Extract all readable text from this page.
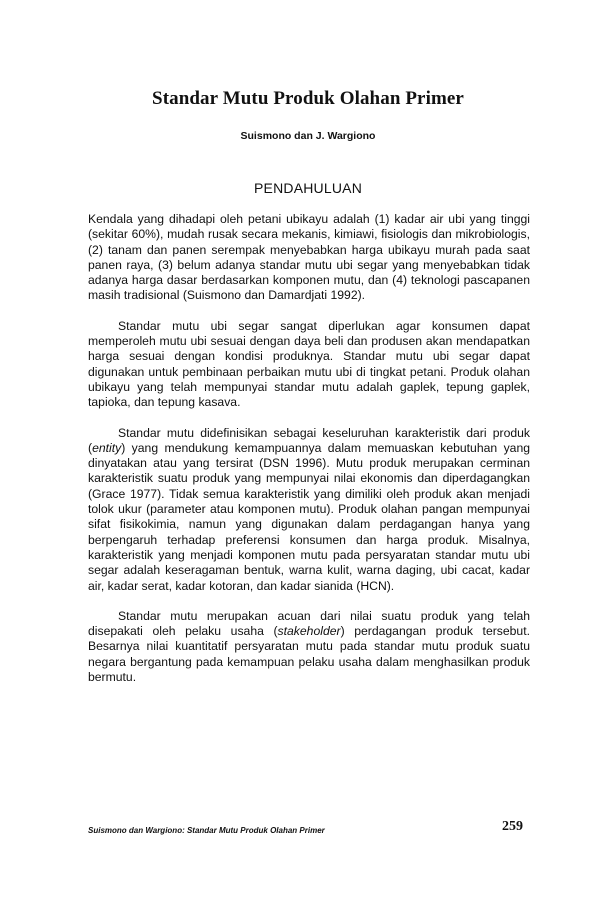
Standar Mutu Produk Olahan Primer
Suismono dan J. Wargiono
PENDAHULUAN

Kendala yang dihadapi oleh petani ubikayu adalah (1) kadar air ubi yang tinggi (sekitar 60%), mudah rusak secara mekanis, kimiawi, fisiologis dan mikrobiologis, (2) tanam dan panen serempak menyebabkan harga ubikayu murah pada saat panen raya, (3) belum adanya standar mutu ubi segar yang menyebabkan tidak adanya harga dasar berdasarkan komponen mutu, dan (4) teknologi pascapanen masih tradisional (Suismono dan Damardjati 1992).

Standar mutu ubi segar sangat diperlukan agar konsumen dapat memperoleh mutu ubi sesuai dengan daya beli dan produsen akan mendapatkan harga sesuai dengan kondisi produknya. Standar mutu ubi segar dapat digunakan untuk pembinaan perbaikan mutu ubi di tingkat petani. Produk olahan ubikayu yang telah mempunyai standar mutu adalah gaplek, tepung gaplek, tapioka, dan tepung kasava.

Standar mutu didefinisikan sebagai keseluruhan karakteristik dari produk (entity) yang mendukung kemampuannya dalam memuaskan kebutuhan yang dinyatakan atau yang tersirat (DSN 1996). Mutu produk merupakan cerminan karakteristik suatu produk yang mempunyai nilai ekonomis dan diperdagangkan (Grace 1977). Tidak semua karakteristik yang dimiliki oleh produk akan menjadi tolok ukur (parameter atau komponen mutu). Produk olahan pangan mempunyai sifat fisikokimia, namun yang digunakan dalam perdagangan hanya yang berpengaruh terhadap preferensi konsumen dan harga produk. Misalnya, karakteristik yang menjadi komponen mutu pada persyaratan standar mutu ubi segar adalah keseragaman bentuk, warna kulit, warna daging, ubi cacat, kadar air, kadar serat, kadar kotoran, dan kadar sianida (HCN).

Standar mutu merupakan acuan dari nilai suatu produk yang telah disepakati oleh pelaku usaha (stakeholder) perdagangan produk tersebut. Besarnya nilai kuantitatif persyaratan mutu pada standar mutu produk suatu negara bergantung pada kemampuan pelaku usaha dalam menghasilkan produk bermutu.

Suismono dan Wargiono: Standar Mutu Produk Olahan Primer	259
